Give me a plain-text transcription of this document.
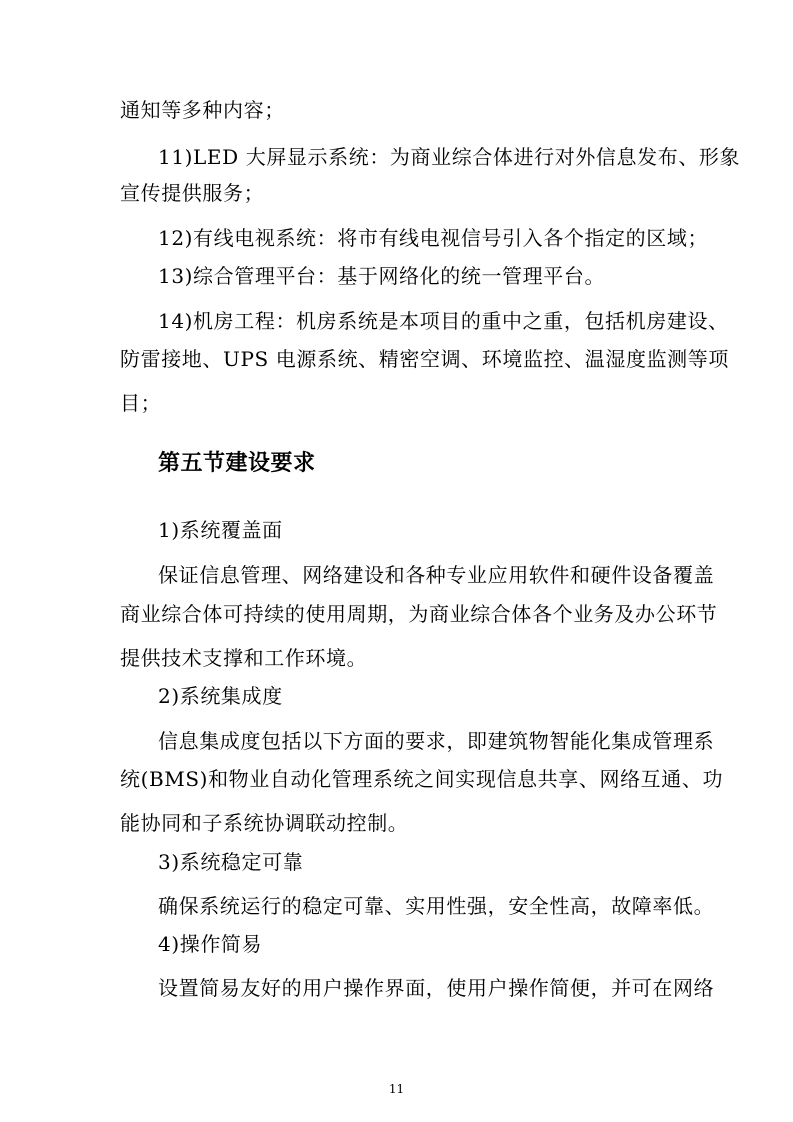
通知等多种内容；
11)LED 大屏显示系统：为商业综合体进行对外信息发布、形象
宣传提供服务；
12)有线电视系统：将市有线电视信号引入各个指定的区域；
13)综合管理平台：基于网络化的统一管理平台。
14)机房工程：机房系统是本项目的重中之重，包括机房建设、
防雷接地、UPS 电源系统、精密空调、环境监控、温湿度监测等项
目；
第五节建设要求
1)系统覆盖面
保证信息管理、网络建设和各种专业应用软件和硬件设备覆盖
商业综合体可持续的使用周期，为商业综合体各个业务及办公环节
提供技术支撑和工作环境。
2)系统集成度
信息集成度包括以下方面的要求，即建筑物智能化集成管理系
统(BMS)和物业自动化管理系统之间实现信息共享、网络互通、功
能协同和子系统协调联动控制。
3)系统稳定可靠
确保系统运行的稳定可靠、实用性强，安全性高，故障率低。
4)操作简易
设置简易友好的用户操作界面，使用户操作简便，并可在网络
11
